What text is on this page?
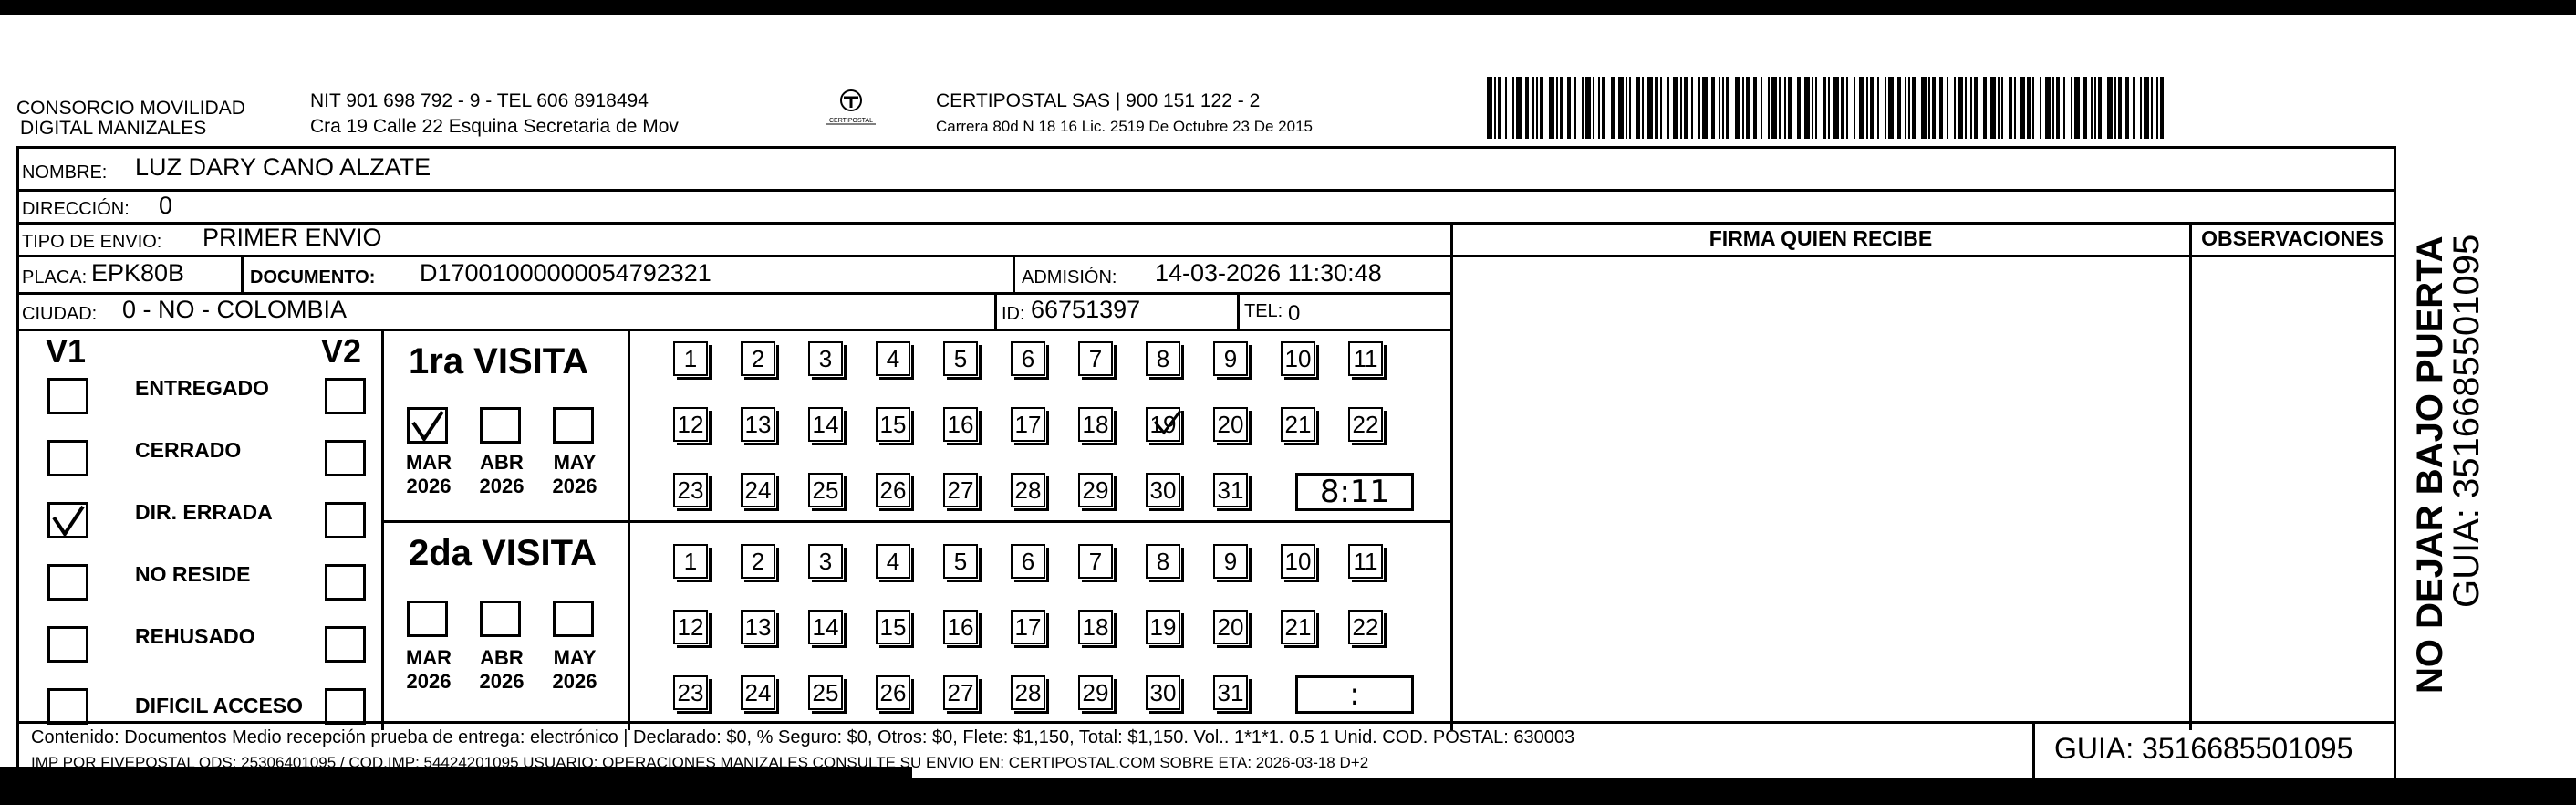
CONSORCIO MOVILIDAD
DIGITAL MANIZALES
NIT 901 698 792 - 9 - TEL 606 8918494
Cra 19 Calle 22 Esquina Secretaria de Mov	CERTIPOSTAL
CERTIPOSTAL SAS | 900 151 122 - 2
Carrera 80d N 18 16 Lic. 2519 De Octubre 23 De 2015
NOMBRE: LUZ DARY CANO ALZATE
DIRECCIÓN: 0
TIPO DE ENVIO: PRIMER ENVIO	FIRMA QUIEN RECIBE	OBSERVACIONES
PLACA: EPK80B	DOCUMENTO: D17001000000054792321	ADMISIÓN: 14-03-2026 11:30:48
CIUDAD: 0 - NO - COLOMBIA	ID: 66751397	TEL: 0
V1	V2
ENTREGADO
CERRADO
DIR. ERRADA
NO RESIDE
REHUSADO
DIFICIL ACCESO
1ra VISITA
2da VISITA
MAR
2026
ABR
2026
MAY
2026
1	2	3	4	5	6	7	8	9	10 11
12 13 14 15 16 17 18 19 20 21 22
23 24 25 26 27 28 29 30 31	8:11
MAR
2026
ABR
2026
MAY
2026
1	2	3	4	5	6	7	8	9	10 11
12 13 14 15 16 17 18 19 20 21 22
23 24 25 26 27 28 29 30 31	:
Contenido: Documentos Medio recepción prueba de entrega: electrónico | Declarado: $0, % Seguro: $0, Otros: $0, Flete: $1,150, Total: $1,150. Vol.. 1*1*1. 0.5 1 Unid. COD. POSTAL: 630003
IMP POR FIVEPOSTAL ODS: 25306401095 / COD.IMP: 54424201095 USUARIO: OPERACIONES MANIZALES CONSULTE SU ENVIO EN: CERTIPOSTAL.COM SOBRE ETA: 2026-03-18 D+2	GUIA: 3516685501095
NO DEJAR BAJO PUERTA
GUIA: 3516685501095
